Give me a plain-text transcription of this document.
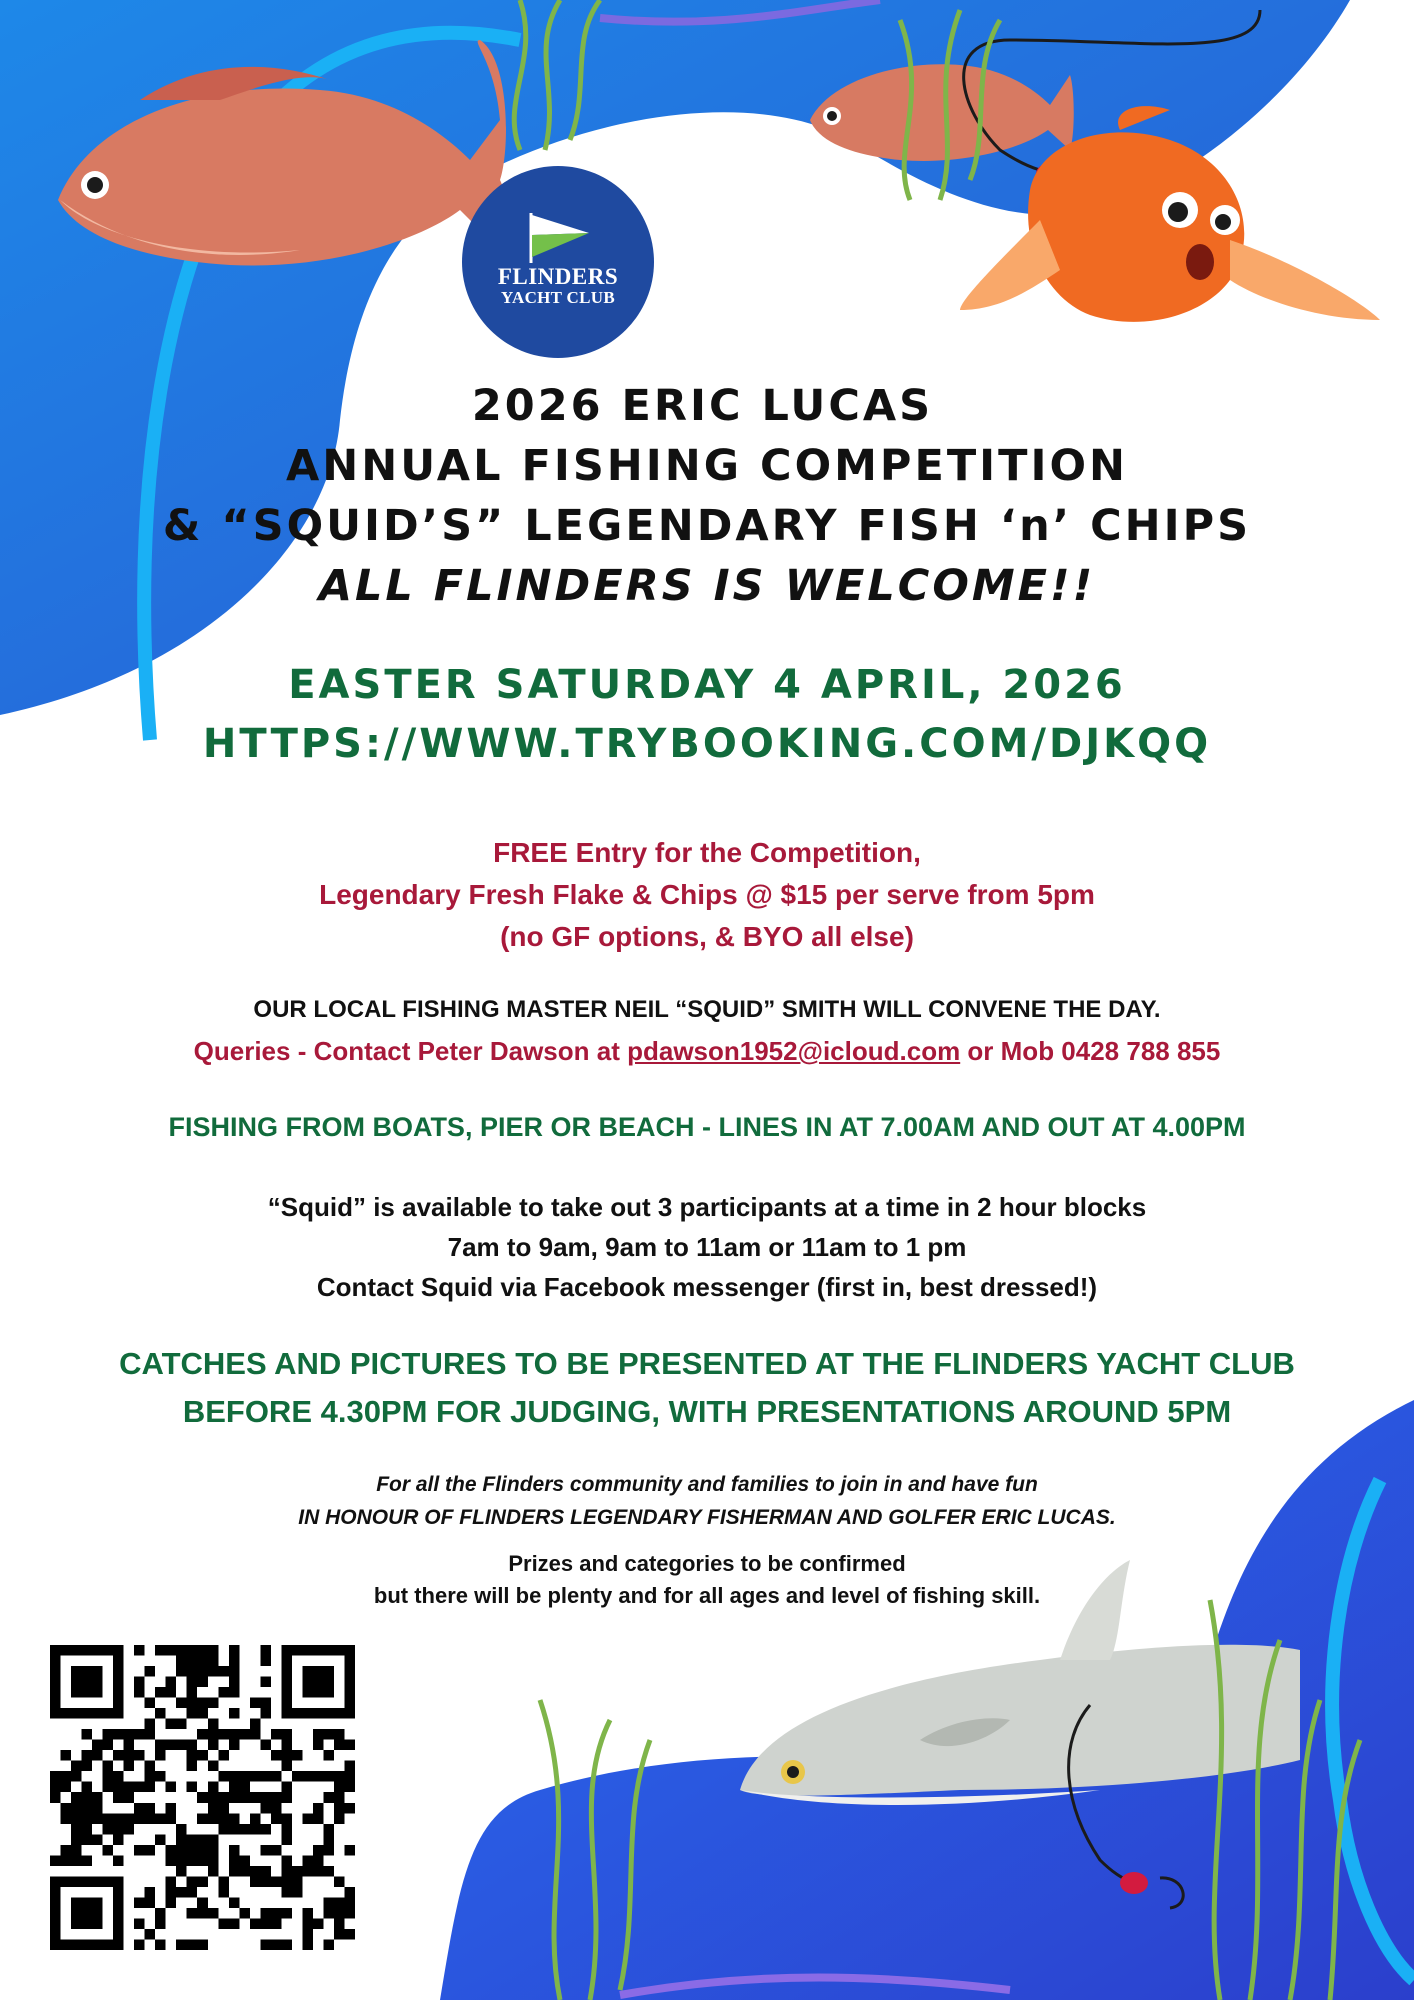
FLINDERS
YACHT CLUB
2026 ERIC LUCAS
ANNUAL FISHING COMPETITION
& “SQUID’S” LEGENDARY FISH ‘n’ CHIPS
ALL FLINDERS IS WELCOME!!
EASTER SATURDAY 4 APRIL, 2026
HTTPS://WWW.TRYBOOKING.COM/DJKQQ
FREE Entry for the Competition,
Legendary Fresh Flake & Chips @ $15 per serve from 5pm
(no GF options, & BYO all else)
OUR LOCAL FISHING MASTER NEIL “SQUID” SMITH WILL CONVENE THE DAY.
Queries - Contact Peter Dawson at pdawson1952@icloud.com or Mob 0428 788 855
FISHING FROM BOATS, PIER OR BEACH - LINES IN AT 7.00AM AND OUT AT 4.00PM
“Squid” is available to take out 3 participants at a time in 2 hour blocks
7am to 9am, 9am to 11am or 11am to 1 pm
Contact Squid via Facebook messenger (first in, best dressed!)
CATCHES AND PICTURES TO BE PRESENTED AT THE FLINDERS YACHT CLUB
BEFORE 4.30PM FOR JUDGING, WITH PRESENTATIONS AROUND 5PM
For all the Flinders community and families to join in and have fun
IN HONOUR OF FLINDERS LEGENDARY FISHERMAN AND GOLFER ERIC LUCAS.
Prizes and categories to be confirmed
but there will be plenty and for all ages and level of fishing skill.
